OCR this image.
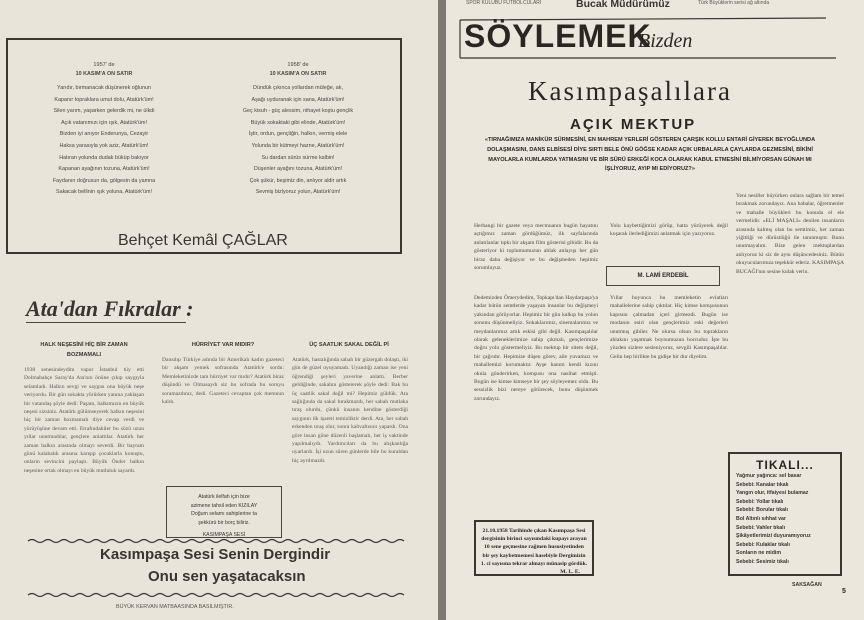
1957' de
10 KASIM'A ON SATIR
Yarıdır, bırmanacak düşünerek oğlunun
Kapanır topraklara umut dolu, Atatürk'üm!
Silen yarım, yaşarken gelerdik mi, ne ülkdi
Açık vatanımızı için ışık, Atatürk'üm!
Bizden iyi anıyor Enderunya, Cezayir
Haksa yarasıyla yok aziz, Atatürk'üm!
Hatıran yolunda dudak büküp bakıyor
Kapanan ayağının tozuna, Atatürk'üm!
Faydanın doğrusun da, gölgesin da yamna
Sakacak bellinin ışık yoluna, Atatürk'üm!
1958' de
10 KASIM'A ON SATIR
Dündük çıkınca yollardan müleğe, ak,
Aşağı uyduranak için sana, Atatürk'üm!
Geç kisuh - güç alessim, nihayet koştu gençlik
Büyük sokaktaki gibi elinde, Atatürk'üm!
İştir, ordun, gençliğin, halkın, vermiş elele
Yolunda bir kütmeyi hazne, Atatürk'üm!
Su dardan sürüs sürme kalbin!
Düşenler ayağını tozuna, Atatürk'üm!
Çok şükür, beşimiz din, anlıyor aldir artık
Sevmiş bizlyoruz yolun, Atatürk'üm!
Behçet Kemâl ÇAĞLAR
Ata'dan Fıkralar :
HALK NEŞESİNİ HİÇ BİR ZAMAN
BOZMAMALI
1938 senesindeydim vapur İstanbul tüy etti Dolmabahçe Saray'da Ata'nın önüne çıkıp saygıyla selamladı. Halkın sevgi ve saygısı ona büyük neşe veriyordu. Bir gün sokakta yürürken yanına yaklaşan bir vatandaş şöyle dedi: Paşam, halkımızın en büyük neşesi sizsiniz. Atatürk gülümseyerek halkın neşesini hiç bir zaman bozmamalı diye cevap verdi ve yürüyüşüne devam etti. Etrafındakiler bu sözü uzun yıllar unutmadılar, gençlere anlattılar. Atatürk her zaman halkın arasında olmayı severdi. Bir bayram günü kalabalık arasına karışıp çocuklarla konuştu, onların sevincini paylaştı. Büyük Önder halkın neşesine ortak olmayı en büyük mutluluk sayardı.
HÜRRİYET VAR MIDIR?
Dansılıp Türkiye adında bir Amerikalı kadın gazeteci bir akşam yemek sofrasında Atatürk'e sordu: Memleketinizde tam hürriyet var mıdır? Atatürk biraz düşündü ve Olmasaydı siz bu sofrada bu soruyu soramazdınız, dedi. Gazeteci cevaptan çok memnun kaldı.
ÜÇ SAATLIK SAKAL DEĞİL Pİ
Atatürk, hastalığında sabah bir güzergah dolaştı, iki gün de güzel uyuyamadı. Uyandığı zaman ise yeni öğrendiği şeyleri yaverine anlattı. Berber geldiğinde, sakalını göstererek şöyle dedi: Bak bu üç saatlik sakal değil mi? Hepimiz güldük. Ata sağlığında da sakal bırakmazdı, her sabah mutlaka tıraş olurdu, çünkü insanın kendine gösterdiği saygının ilk işareti temizliktir derdi. Ata, her sabah erkenden tıraş olur, sonra kahvaltısını yapardı. Ona göre insan güne düzenli başlamalı, her iş vaktinde yapılmalıydı. Yardımcıları da bu alışkanlığa uyarlardı. İşi uzun süren günlerde bile bu kuraldan hiç ayrılmazdı.
Atatürk ilelfah için bize
azimene tahsil eden KIZILAY
Doğum selamı sahiplerine ta
şekkürü bir borç biliriz.
KASIMPAŞA SESİ
Kasımpaşa Sesi Senin Dergindir
Onu sen yaşatacaksın
BÜYÜK KERVAN MATBAASINDA BASILMIŞTIR.
SPOR KULÜBÜ FUTBOLCULARI	Bucak Müdürümüz	Türk Büyüklerin serisi ağ altında
SÖYLEMEK
Bizden
Kasımpaşalılara
AÇIK MEKTUP
«TIRNAĞIMIZA MANİKÜR SÜRMESİNİ, EN MAHREM YERLERİ GÖSTEREN ÇARŞIK KOLLU ENTARİ GİYEREK BEYOĞLUNDA DOLAŞMASINI, DANS ELBİSESİ DİYE SIRTI BELE ÖNÜ GÖĞSE KADAR AÇIK URBALARLA ÇAYLARDA GEZMESİNİ, BİKİNİ MAYOLARLA KUMLARDA YATMASINI VE BİR SÜRÜ ERKEĞİ KOCA OLARAK KABUL ETMESİNİ BİLMİYORSAN GÜNAH MI İŞLİYORUZ, AYIP MI EDİYORUZ?»
Herhangi bir gazete veya mecmuanın bugün hayatını açtığımız zaman gördüğümüz, ilk sayfalarında anlatılanlar tıpkı bir akşam film gösterisi gibidir. Bu da gösteriyor ki toplumumuzun ahlak anlayışı her gün biraz daha değişiyor ve bu değişmeden hepimiz sorumluyuz.
Yolu kaybettiğimizi görüp, hatta yürüyerek değil koşarak ilerlediğimizi anlatmak için yazıyoruz.
M. LAMİ ERDEBİL
Dedemizden Ömerydedim, Topkapı'dan Haydarpaşa'ya kadar bütün semtlerde yaşayan insanlar bu değişmeyi yakından görüyorlar. Hepimiz bir gün kalkıp bu yolun sonunu düşünmeliyiz. Sokaklarımız, sinemalarımız ve meydanlarımız artık eskisi gibi değil. Kasımpaşalılar olarak geleneklerimize sahip çıkmalı, gençlerimize doğru yolu göstermeliyiz. Bu mektup bir sitem değil, bir çağrıdır. Hepimize düşen görev, aile yuvamızı ve mahallemizi korumaktır. Ayşe hanım kendi kızını okula gönderirken, komşusu ona nasihat etmişti. Bugün ise kimse kimseye bir şey söyleyemez oldu. Bu sessizlik bizi nereye götürecek, bunu düşünmek zorundayız.
Yıllar boyunca bu memleketin evlatları mahallelerine sahip çıktılar. Hiç kimse komşusunun kapısını çalmadan içeri girmezdi. Bugün ise modanın esiri olan gençlerimiz eski değerleri unutmuş gibiler. Ne olursa olsun bu toprakların ahlakını yaşatmak boynumuzun borcudur. İşte bu yüzden sizlere sesleniyoruz, sevgili Kasımpaşalılar. Gelin hep birlikte bu gidişe bir dur diyelim.
Yeni nesiller büyürken onlara sağlam bir temel bırakmak zorundayız. Ana babalar, öğretmenler ve mahalle büyükleri bu konuda el ele vermelidir. «ELİ MAŞALI» denilen insanların arasında kalmış olan bu semtimiz, her zaman yiğitliği ve dürüstlüğü ile tanınmıştır. Bunu unutmayalım. Bize gelen mektuplardan anlıyoruz ki siz de aynı düşüncedesiniz. Bütün okuyucularımıza teşekkür ederiz. KASIMPAŞA BUCAĞI'nın sesine kulak verin.
21.10.1958 Tarihinde çıkan Kasımpaşa Sesi dergisinin birinci sayısındaki kupayı arayan 10 sene geçmesine rağmen hususiyetinden bir şey kaybetmemesi hasebiyle Dergimizin 1. ci sayısına tekrar almayı münasip gördük.
M. L. E.
TIKALI...
Yağmur yağınca: sel basar
Sebebi: Kanalar tıkalı
Yangın olur, itfaiyesi bulamaz
Sebebi: Yollar tıkalı
Sebebi: Borular tıkalı
Bol Altınlı sıhhat var
Sebebi: Vahler tıkalı
Şikâyetlerimizi duyuramıyoruz
Sebebi: Kulaklar tıkalı
Sonların ne midim
Sebebi: Sesimiz tıkalı
SAKSAĞAN
5
